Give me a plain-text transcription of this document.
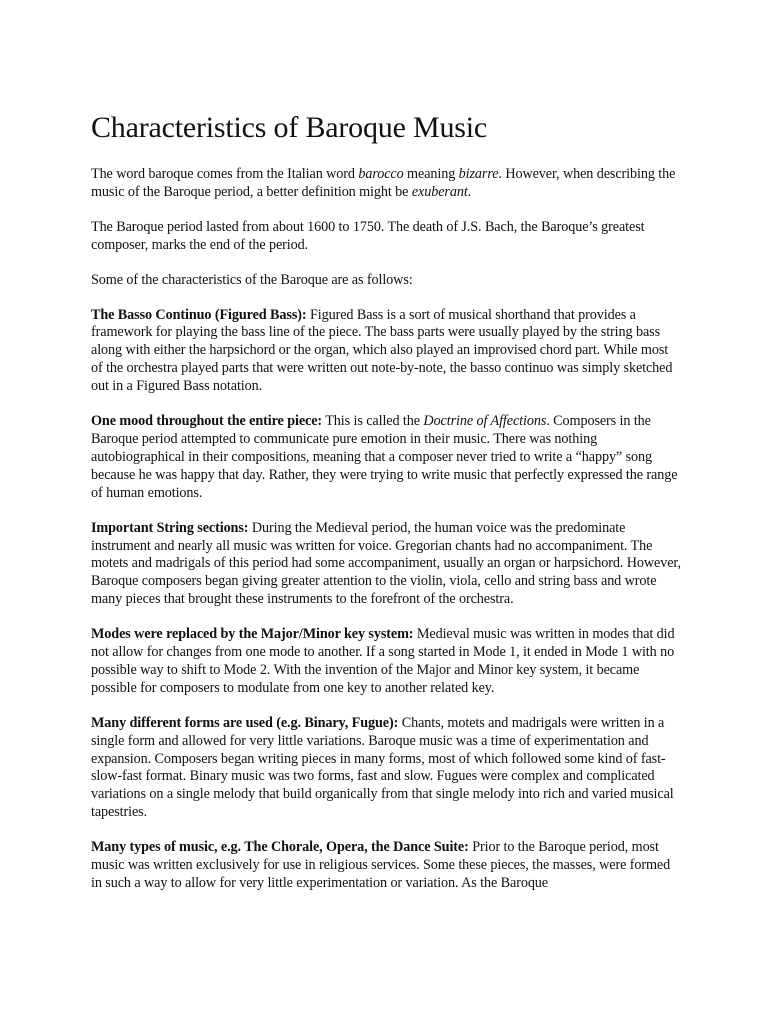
Characteristics of Baroque Music

The word baroque comes from the Italian word barocco meaning bizarre. However, when describing the music of the Baroque period, a better definition might be exuberant.

The Baroque period lasted from about 1600 to 1750. The death of J.S. Bach, the Baroque’s greatest composer, marks the end of the period.

Some of the characteristics of the Baroque are as follows:

The Basso Continuo (Figured Bass): Figured Bass is a sort of musical shorthand that provides a framework for playing the bass line of the piece. The bass parts were usually played by the string bass along with either the harpsichord or the organ, which also played an improvised chord part. While most of the orchestra played parts that were written out note-by-note, the basso continuo was simply sketched out in a Figured Bass notation.

One mood throughout the entire piece: This is called the Doctrine of Affections. Composers in the Baroque period attempted to communicate pure emotion in their music. There was nothing autobiographical in their compositions, meaning that a composer never tried to write a “happy” song because he was happy that day. Rather, they were trying to write music that perfectly expressed the range of human emotions.

Important String sections: During the Medieval period, the human voice was the predominate instrument and nearly all music was written for voice. Gregorian chants had no accompaniment. The motets and madrigals of this period had some accompaniment, usually an organ or harpsichord. However, Baroque composers began giving greater attention to the violin, viola, cello and string bass and wrote many pieces that brought these instruments to the forefront of the orchestra.

Modes were replaced by the Major/Minor key system: Medieval music was written in modes that did not allow for changes from one mode to another. If a song started in Mode 1, it ended in Mode 1 with no possible way to shift to Mode 2. With the invention of the Major and Minor key system, it became possible for composers to modulate from one key to another related key.

Many different forms are used (e.g. Binary, Fugue): Chants, motets and madrigals were written in a single form and allowed for very little variations. Baroque music was a time of experimentation and expansion. Composers began writing pieces in many forms, most of which followed some kind of fast-slow-fast format. Binary music was two forms, fast and slow. Fugues were complex and complicated variations on a single melody that build organically from that single melody into rich and varied musical tapestries.

Many types of music, e.g. The Chorale, Opera, the Dance Suite: Prior to the Baroque period, most music was written exclusively for use in religious services. Some these pieces, the masses, were formed in such a way to allow for very little experimentation or variation. As the Baroque
